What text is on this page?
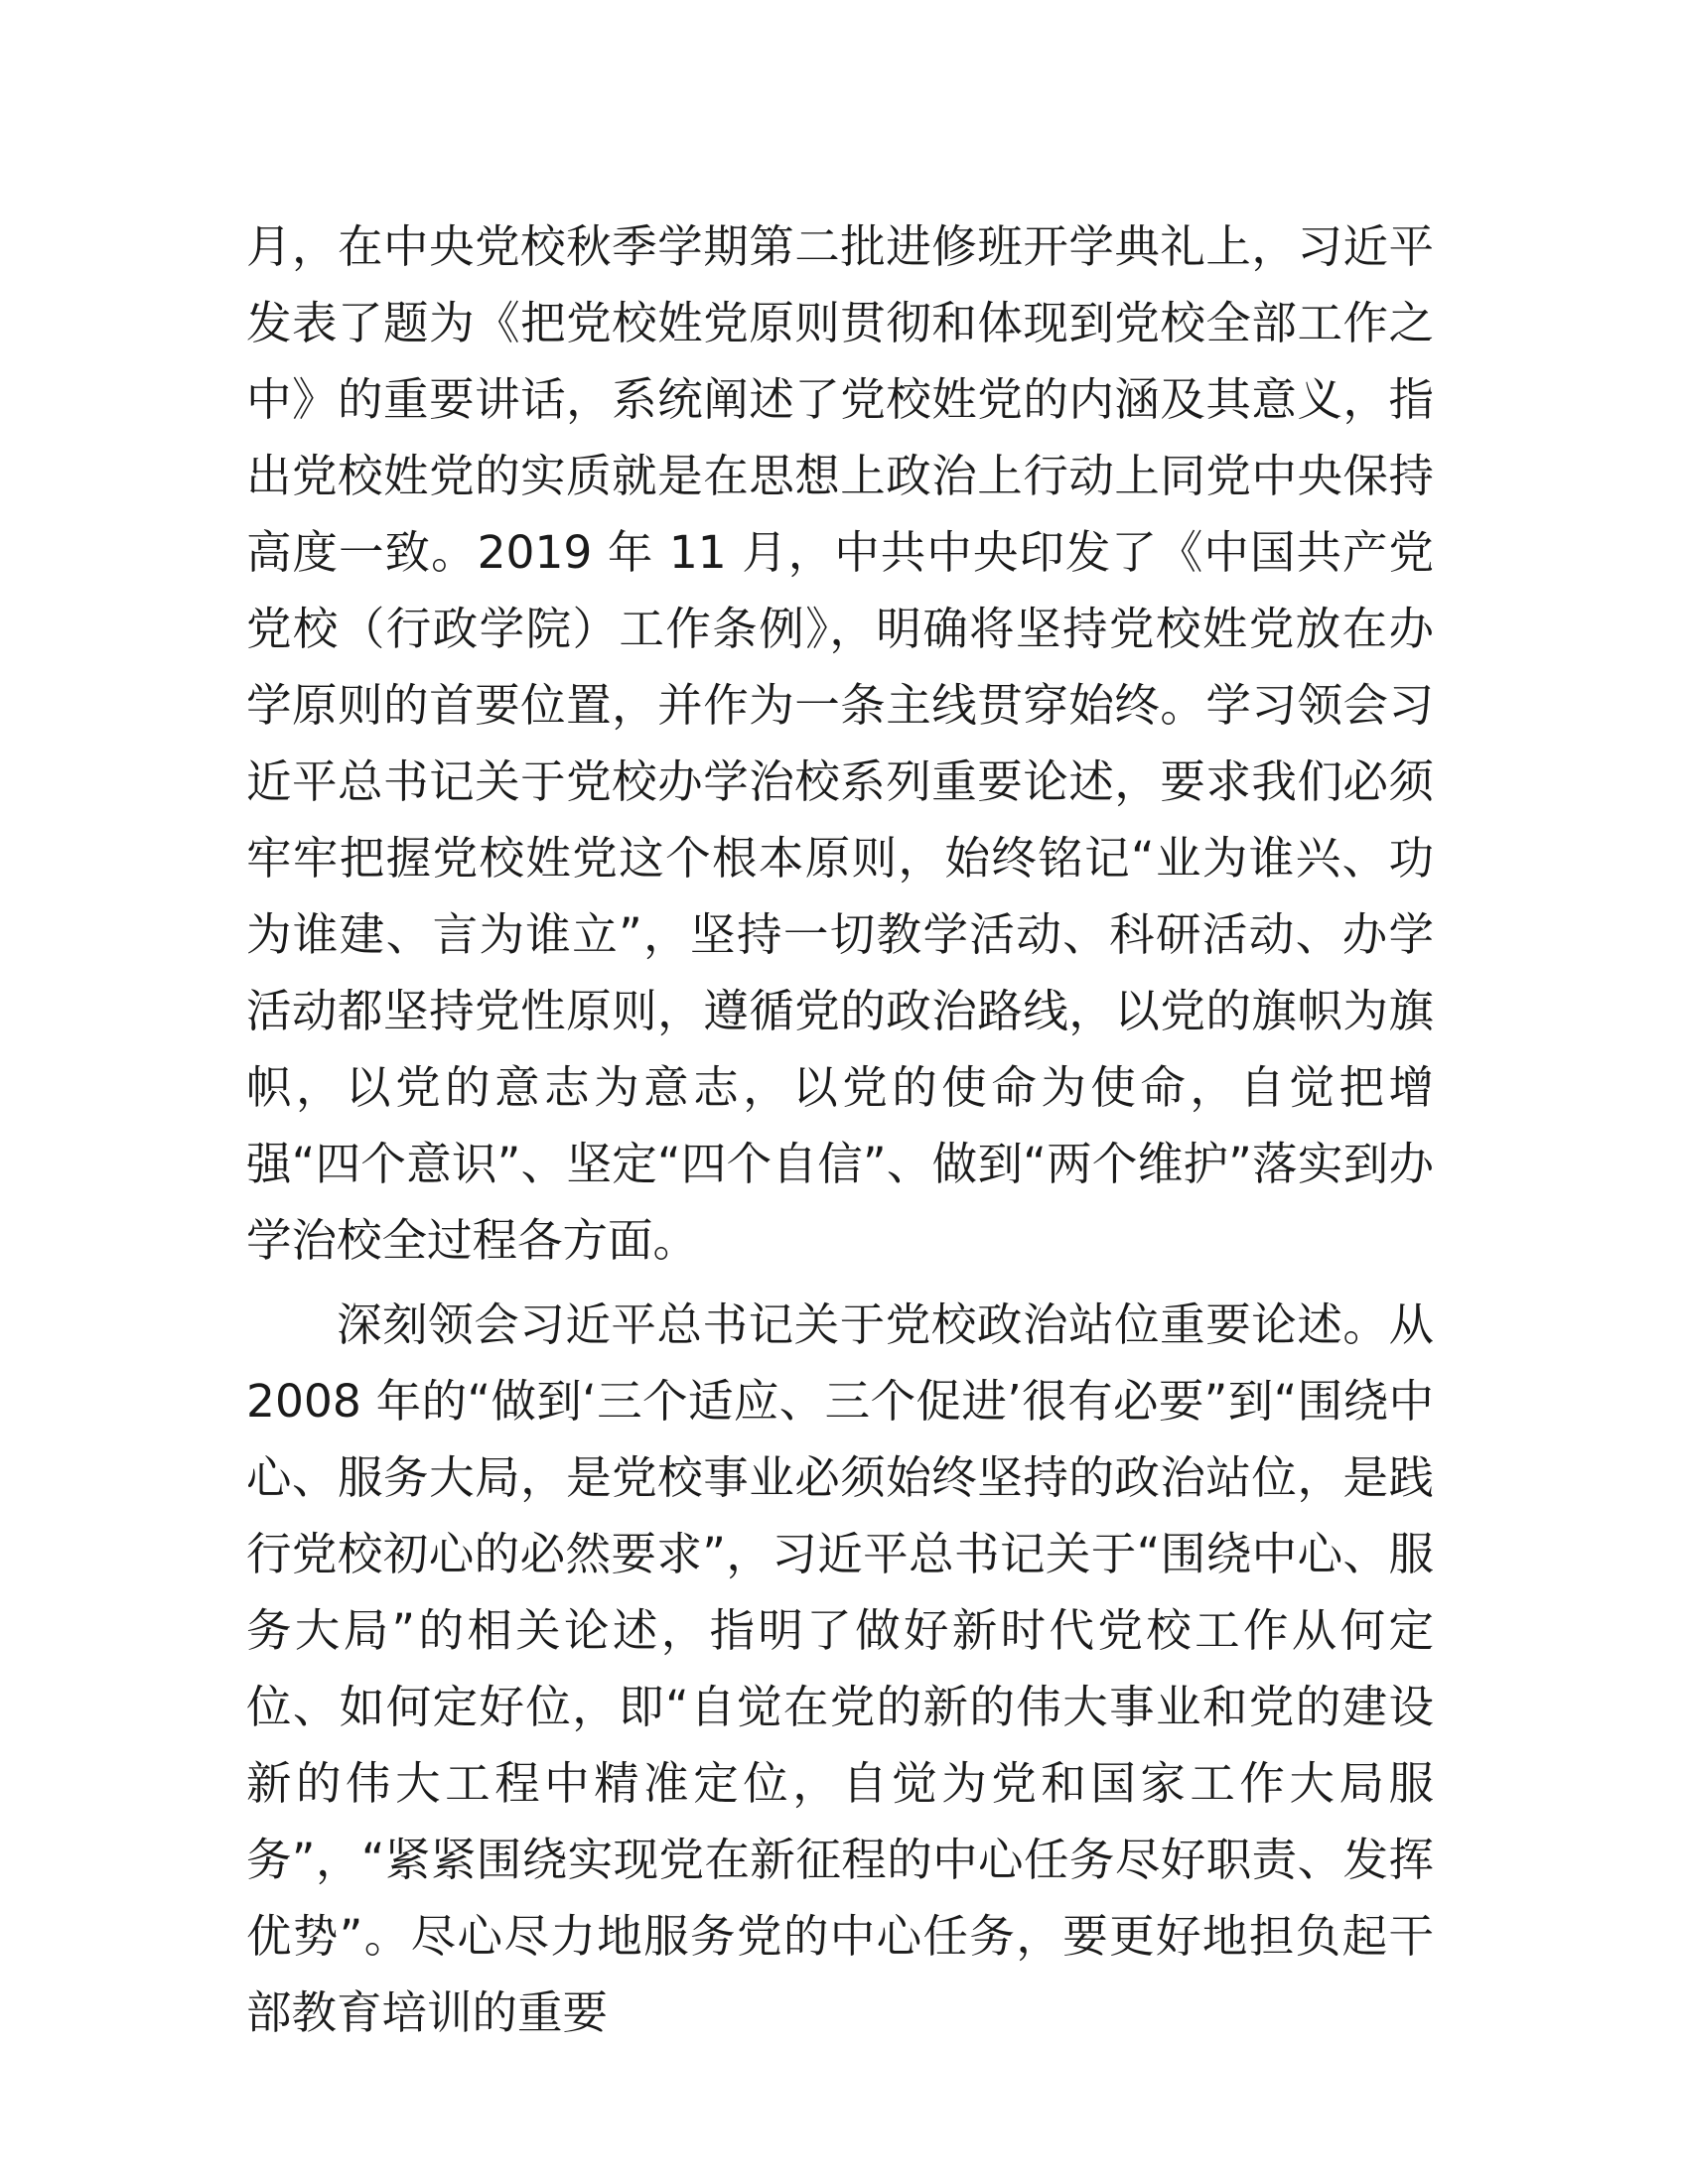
月，在中央党校秋季学期第二批进修班开学典礼上，习近平发表了题为《把党校姓党原则贯彻和体现到党校全部工作之中》的重要讲话，系统阐述了党校姓党的内涵及其意义，指出党校姓党的实质就是在思想上政治上行动上同党中央保持高度一致。2019 年 11 月，中共中央印发了《中国共产党党校（行政学院）工作条例》，明确将坚持党校姓党放在办学原则的首要位置，并作为一条主线贯穿始终。学习领会习近平总书记关于党校办学治校系列重要论述，要求我们必须牢牢把握党校姓党这个根本原则，始终铭记“业为谁兴、功为谁建、言为谁立”，坚持一切教学活动、科研活动、办学活动都坚持党性原则，遵循党的政治路线，以党的旗帜为旗帜，以党的意志为意志，以党的使命为使命，自觉把增强“四个意识”、坚定“四个自信”、做到“两个维护”落实到办学治校全过程各方面。

深刻领会习近平总书记关于党校政治站位重要论述。从 2008 年的“做到‘三个适应、三个促进’很有必要”到“围绕中心、服务大局，是党校事业必须始终坚持的政治站位，是践行党校初心的必然要求”，习近平总书记关于“围绕中心、服务大局”的相关论述，指明了做好新时代党校工作从何定位、如何定好位，即“自觉在党的新的伟大事业和党的建设新的伟大工程中精准定位，自觉为党和国家工作大局服务”，“紧紧围绕实现党在新征程的中心任务尽好职责、发挥优势”。尽心尽力地服务党的中心任务，要更好地担负起干部教育培训的重要
